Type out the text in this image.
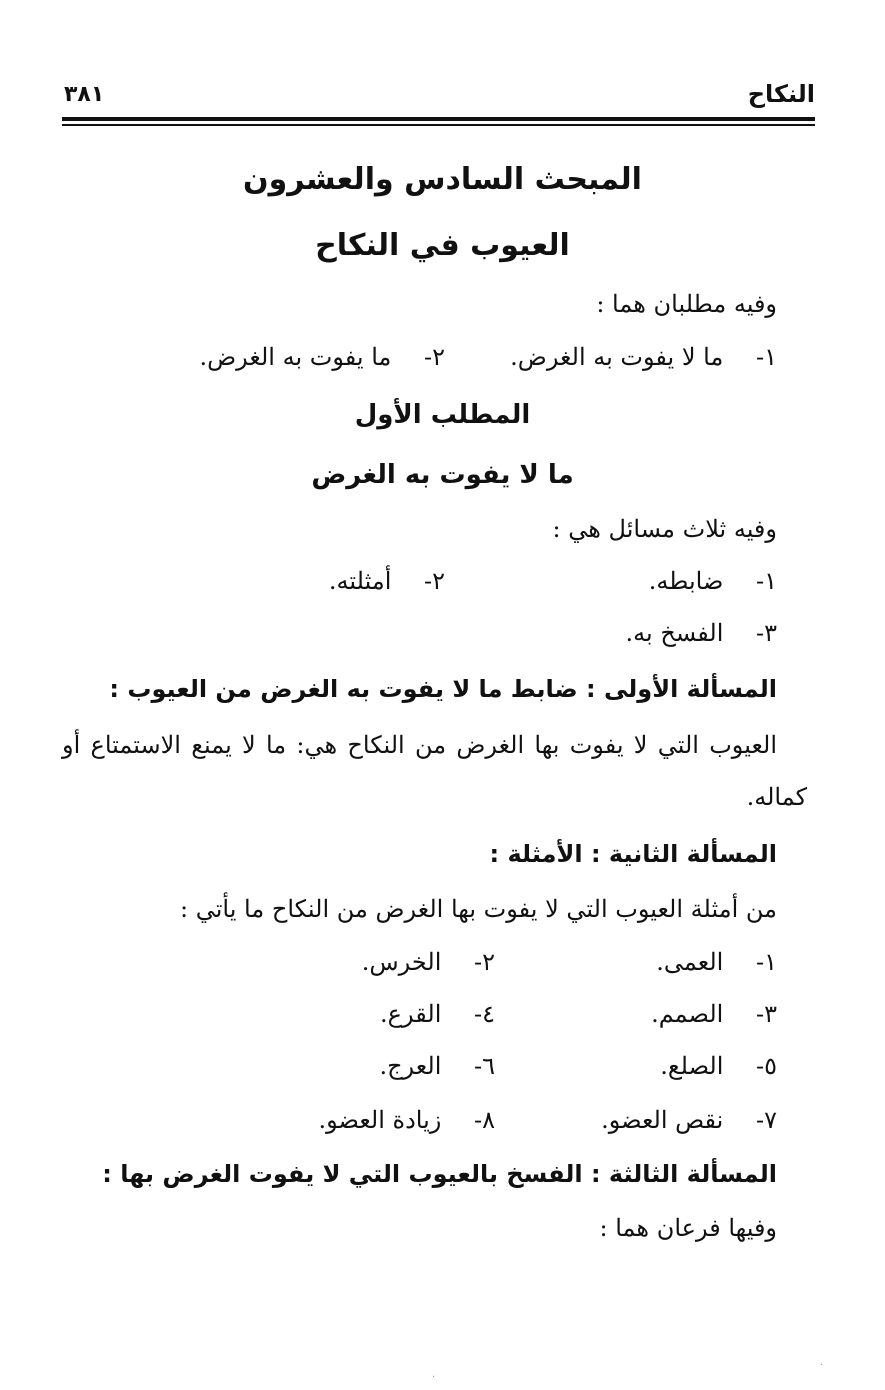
النكاح
٣٨١
المبحث السادس والعشرون
العيوب في النكاح
وفيه مطلبان هما :
١- ما لا يفوت به الغرض.
٢- ما يفوت به الغرض.
المطلب الأول
ما لا يفوت به الغرض
وفيه ثلاث مسائل هي :
١- ضابطه.
٢- أمثلته.
٣- الفسخ به.
المسألة الأولى : ضابط ما لا يفوت به الغرض من العيوب :
العيوب التي لا يفوت بها الغرض من النكاح هي: ما لا يمنع الاستمتاع أو
كماله.
المسألة الثانية : الأمثلة :
من أمثلة العيوب التي لا يفوت بها الغرض من النكاح ما يأتي :
١- العمى.
٢- الخرس.
٣- الصمم.
٤- القرع.
٥- الصلع.
٦- العرج.
٧- نقص العضو.
٨- زيادة العضو.
المسألة الثالثة : الفسخ بالعيوب التي لا يفوت الغرض بها :
وفيها فرعان هما :
·
·
